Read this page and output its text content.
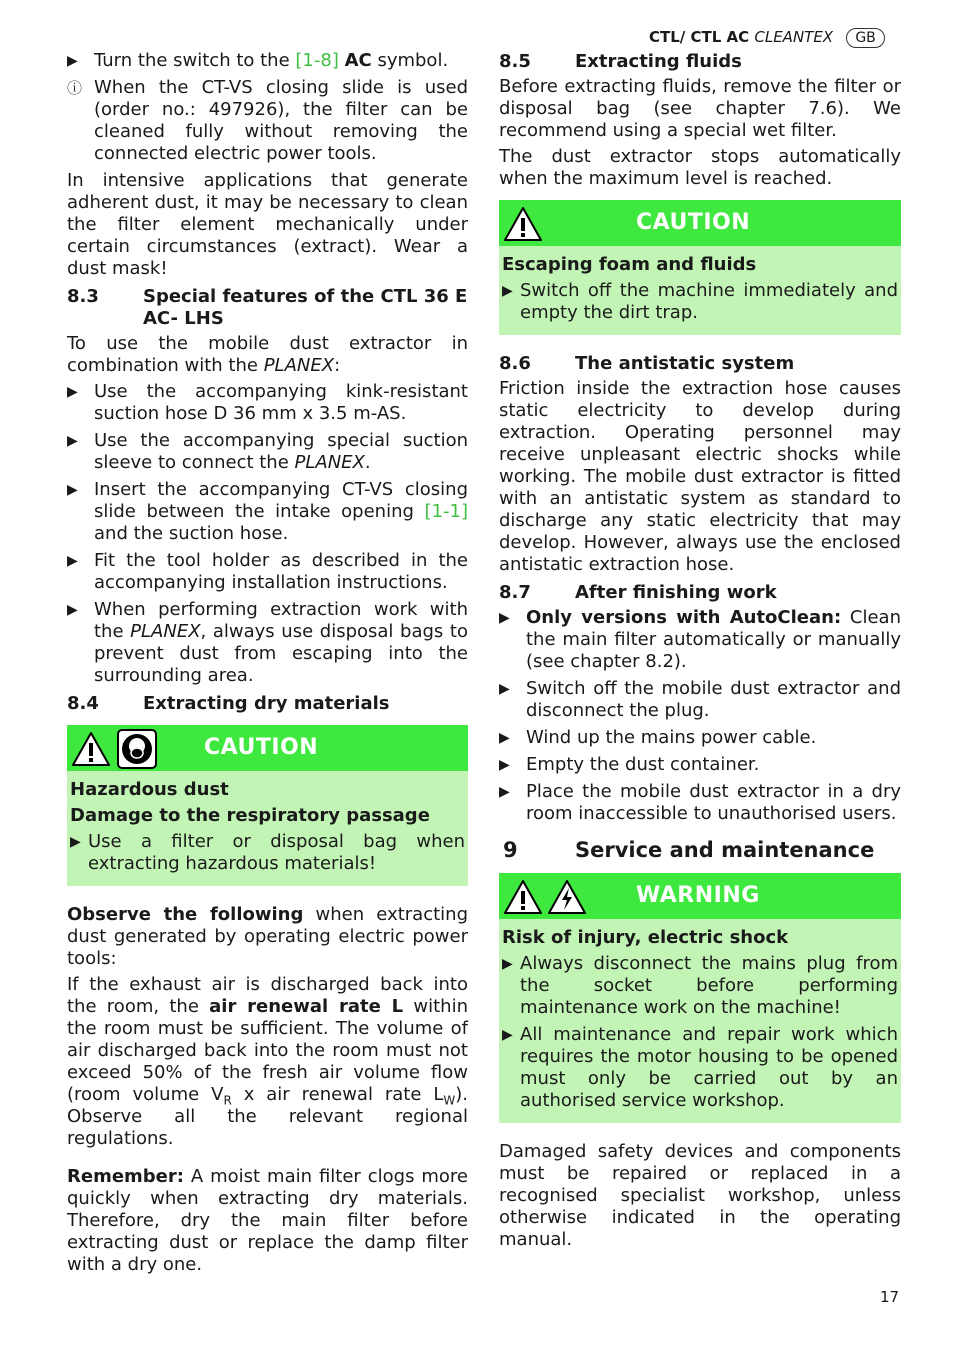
CTL/ CTL AC CLEANTEX GB
▶ Turn the switch to the [1-8] AC symbol.
ⓘ When the CT-VS closing slide is used (order no.: 497926), the filter can be cleaned fully without removing the connected electric power tools.

In intensive applications that generate adherent dust, it may be necessary to clean the filter element mechanically under certain circumstances (extract). Wear a dust mask!

8.3	Special features of the CTL 36 E AC- LHS

To use the mobile dust extractor in combination with the PLANEX:

▶ Use the accompanying kink-resistant suction hose D 36 mm x 3.5 m-AS.
▶ Use the accompanying special suction sleeve to connect the PLANEX.
▶ Insert the accompanying CT-VS closing slide between the intake opening [1-1] and the suction hose.
▶ Fit the tool holder as described in the accompanying installation instructions.
▶ When performing extraction work with the PLANEX, always use disposal bags to prevent dust from escaping into the surrounding area.
8.4	Extracting dry materials
CAUTION
Hazardous dust
Damage to the respiratory passage
▶ Use a filter or disposal bag when extracting hazardous materials!

Observe the following when extracting dust generated by operating electric power tools:

If the exhaust air is discharged back into the room, the air renewal rate L within the room must be sufficient. The volume of air discharged back into the room must not exceed 50% of the fresh air volume flow (room volume $V_R$ x air renewal rate $L_W$). Observe all the relevant regional regulations.

Remember: A moist main filter clogs more quickly when extracting dry materials. Therefore, dry the main filter before extracting dust or replace the damp filter with a dry one.

8.5	Extracting fluids

Before extracting fluids, remove the filter or disposal bag (see chapter 7.6). We recommend using a special wet filter.

The dust extractor stops automatically when the maximum level is reached.

CAUTION
Escaping foam and fluids
▶ Switch off the machine immediately and empty the dirt trap.
8.6	The antistatic system

Friction inside the extraction hose causes static electricity to develop during extraction. Operating personnel may receive unpleasant electric shocks while working. The mobile dust extractor is fitted with an antistatic system as standard to discharge any static electricity that may develop. However, always use the enclosed antistatic extraction hose.

8.7	After finishing work
▶ Only versions with AutoClean: Clean the main filter automatically or manually (see chapter 8.2).
▶ Switch off the mobile dust extractor and disconnect the plug.
▶ Wind up the mains power cable.
▶ Empty the dust container.
▶ Place the mobile dust extractor in a dry room inaccessible to unauthorised users.
9	Service and maintenance
WARNING
Risk of injury, electric shock
▶ Always disconnect the mains plug from the socket before performing maintenance work on the machine!
▶ All maintenance and repair work which requires the motor housing to be opened must only be carried out by an authorised service workshop.

Damaged safety devices and components must be repaired or replaced in a recognised specialist workshop, unless otherwise indicated in the operating manual.

17
